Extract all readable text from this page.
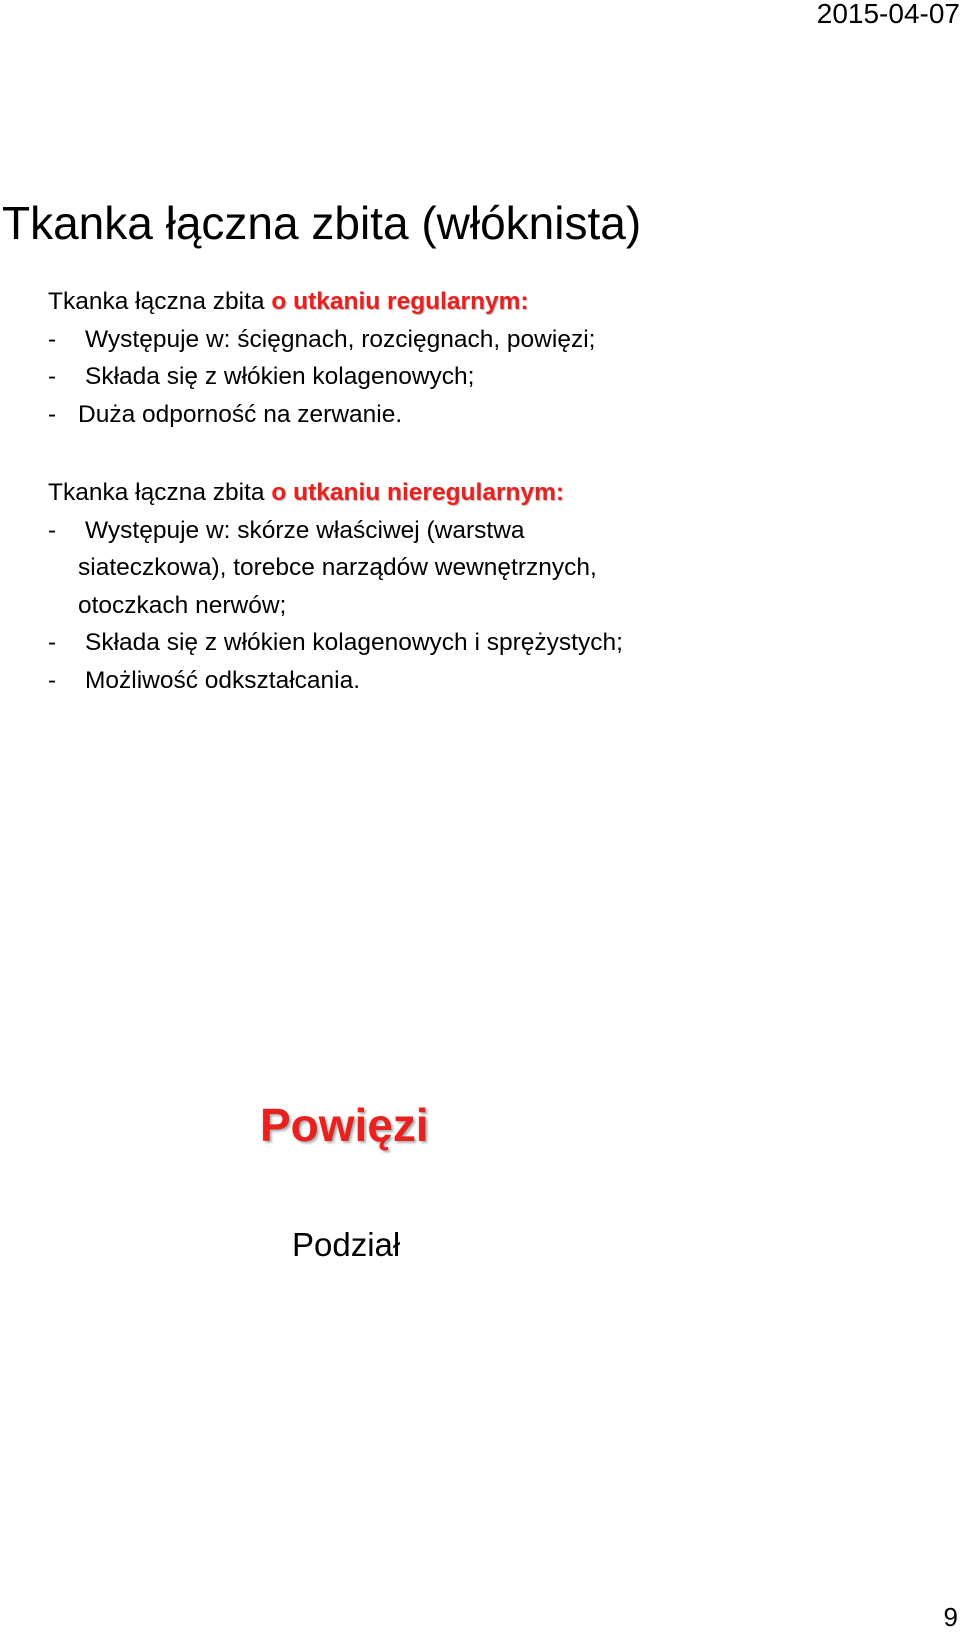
2015-04-07
Tkanka łączna zbita (włóknista)
Tkanka łączna zbita o utkaniu regularnym:
-	Występuje w: ścięgnach, rozcięgnach, powięzi;
-	Składa się z włókien kolagenowych;
- Duża odporność na zerwanie.
Tkanka łączna zbita o utkaniu nieregularnym:
-	Występuje w: skórze właściwej (warstwa
siateczkowa), torebce narządów wewnętrznych,
otoczkach nerwów;
-	Składa się z włókien kolagenowych i sprężystych;
-	Możliwość odkształcania.
Powięzi
Podział
9
